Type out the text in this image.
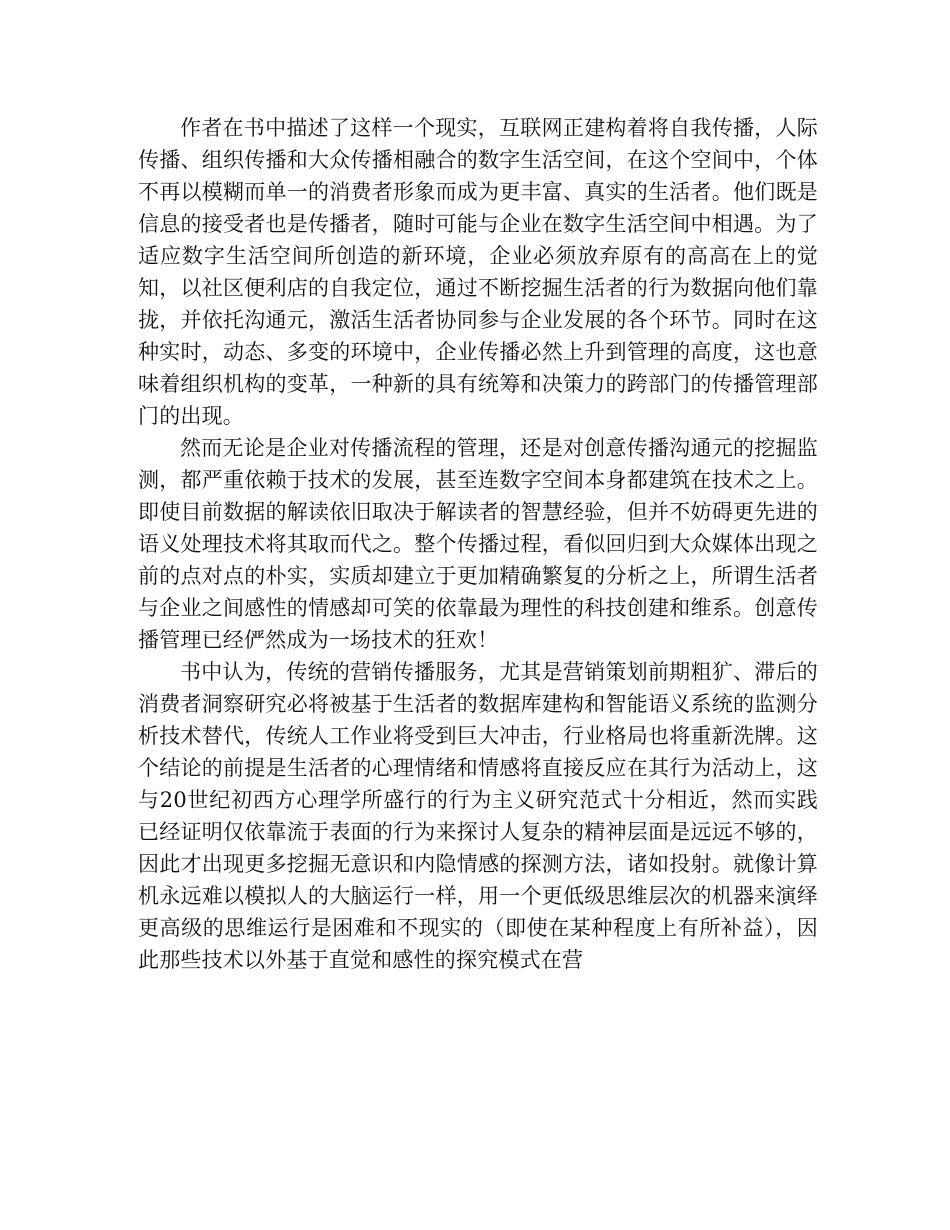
作者在书中描述了这样一个现实，互联网正建构着将自我传播，人际传播、组织传播和大众传播相融合的数字生活空间，在这个空间中，个体不再以模糊而单一的消费者形象而成为更丰富、真实的生活者。他们既是信息的接受者也是传播者，随时可能与企业在数字生活空间中相遇。为了适应数字生活空间所创造的新环境，企业必须放弃原有的高高在上的觉知，以社区便利店的自我定位，通过不断挖掘生活者的行为数据向他们靠拢，并依托沟通元，激活生活者协同参与企业发展的各个环节。同时在这种实时，动态、多变的环境中，企业传播必然上升到管理的高度，这也意味着组织机构的变革，一种新的具有统筹和决策力的跨部门的传播管理部门的出现。

然而无论是企业对传播流程的管理，还是对创意传播沟通元的挖掘监测，都严重依赖于技术的发展，甚至连数字空间本身都建筑在技术之上。即使目前数据的解读依旧取决于解读者的智慧经验，但并不妨碍更先进的语义处理技术将其取而代之。整个传播过程，看似回归到大众媒体出现之前的点对点的朴实，实质却建立于更加精确繁复的分析之上，所谓生活者与企业之间感性的情感却可笑的依靠最为理性的科技创建和维系。创意传播管理已经俨然成为一场技术的狂欢！

书中认为，传统的营销传播服务，尤其是营销策划前期粗犷、滞后的消费者洞察研究必将被基于生活者的数据库建构和智能语义系统的监测分析技术替代，传统人工作业将受到巨大冲击，行业格局也将重新洗牌。这个结论的前提是生活者的心理情绪和情感将直接反应在其行为活动上，这与20世纪初西方心理学所盛行的行为主义研究范式十分相近，然而实践已经证明仅依靠流于表面的行为来探讨人复杂的精神层面是远远不够的，因此才出现更多挖掘无意识和内隐情感的探测方法，诸如投射。就像计算机永远难以模拟人的大脑运行一样，用一个更低级思维层次的机器来演绎更高级的思维运行是困难和不现实的（即使在某种程度上有所补益），因此那些技术以外基于直觉和感性的探究模式在营
